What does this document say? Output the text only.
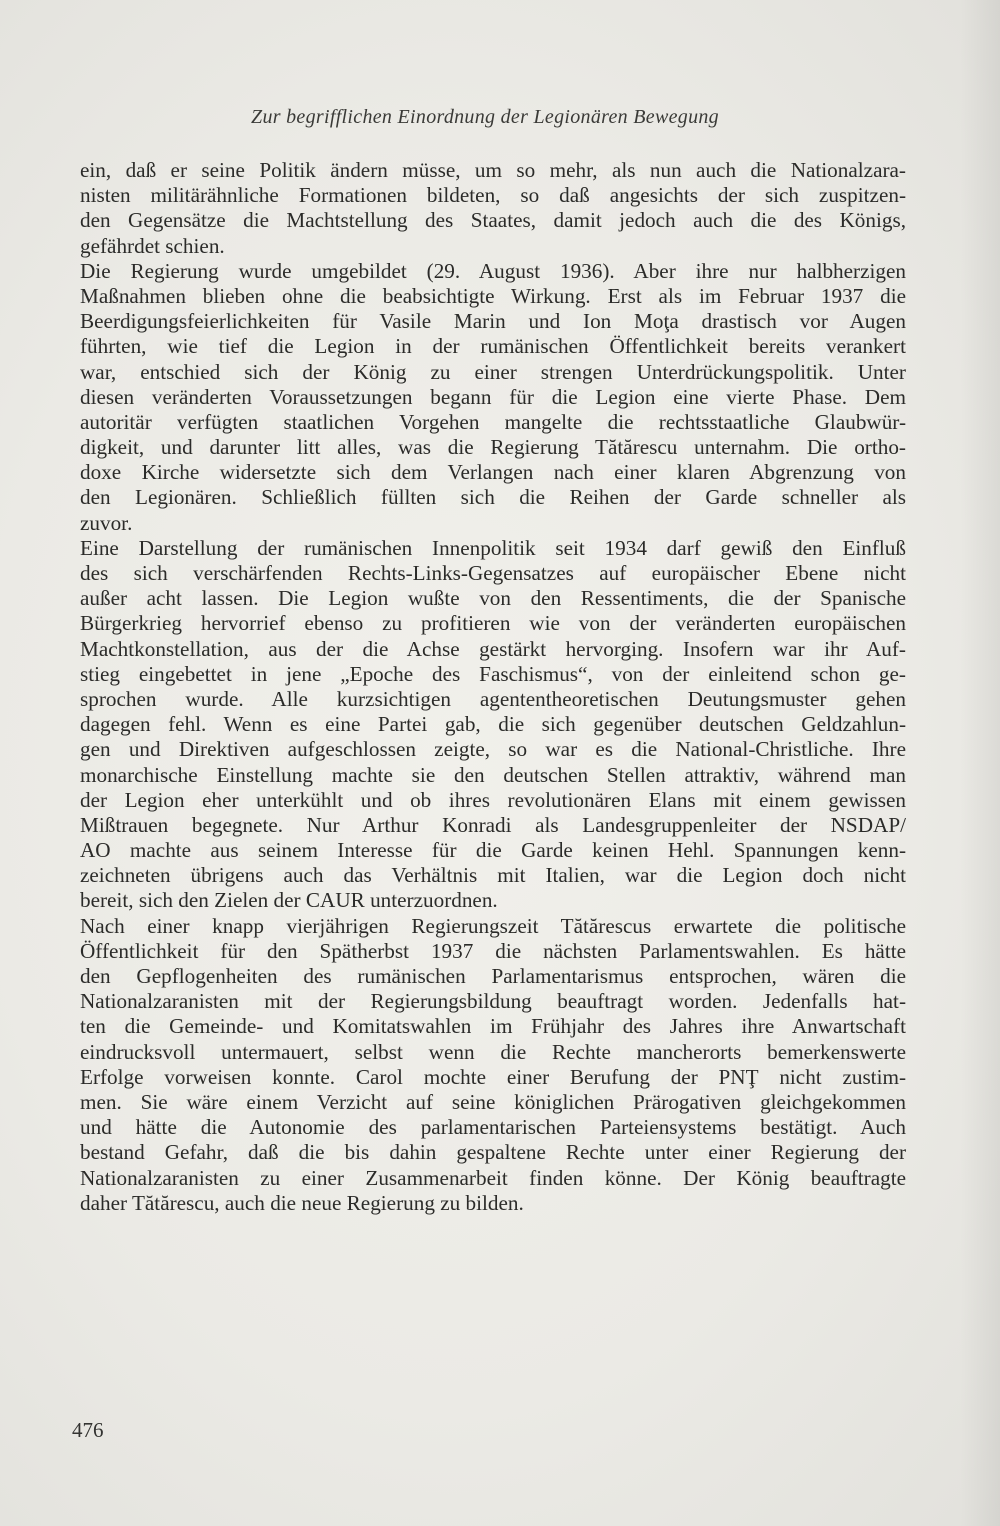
Zur begrifflichen Einordnung der Legionären Bewegung
ein, daß er seine Politik ändern müsse, um so mehr, als nun auch die Nationalzara-
nisten militärähnliche Formationen bildeten, so daß angesichts der sich zuspitzen-
den Gegensätze die Machtstellung des Staates, damit jedoch auch die des Königs,
gefährdet schien.
Die Regierung wurde umgebildet (29. August 1936). Aber ihre nur halbherzigen
Maßnahmen blieben ohne die beabsichtigte Wirkung. Erst als im Februar 1937 die
Beerdigungsfeierlichkeiten für Vasile Marin und Ion Moţa drastisch vor Augen
führten, wie tief die Legion in der rumänischen Öffentlichkeit bereits verankert
war, entschied sich der König zu einer strengen Unterdrückungspolitik. Unter
diesen veränderten Voraussetzungen begann für die Legion eine vierte Phase. Dem
autoritär verfügten staatlichen Vorgehen mangelte die rechtsstaatliche Glaubwür-
digkeit, und darunter litt alles, was die Regierung Tătărescu unternahm. Die ortho-
doxe Kirche widersetzte sich dem Verlangen nach einer klaren Abgrenzung von
den Legionären. Schließlich füllten sich die Reihen der Garde schneller als
zuvor.
Eine Darstellung der rumänischen Innenpolitik seit 1934 darf gewiß den Einfluß
des sich verschärfenden Rechts-Links-Gegensatzes auf europäischer Ebene nicht
außer acht lassen. Die Legion wußte von den Ressentiments, die der Spanische
Bürgerkrieg hervorrief ebenso zu profitieren wie von der veränderten europäischen
Machtkonstellation, aus der die Achse gestärkt hervorging. Insofern war ihr Auf-
stieg eingebettet in jene „Epoche des Faschismus“, von der einleitend schon ge-
sprochen wurde. Alle kurzsichtigen agententheoretischen Deutungsmuster gehen
dagegen fehl. Wenn es eine Partei gab, die sich gegenüber deutschen Geldzahlun-
gen und Direktiven aufgeschlossen zeigte, so war es die National-Christliche. Ihre
monarchische Einstellung machte sie den deutschen Stellen attraktiv, während man
der Legion eher unterkühlt und ob ihres revolutionären Elans mit einem gewissen
Mißtrauen begegnete. Nur Arthur Konradi als Landesgruppenleiter der NSDAP/
AO machte aus seinem Interesse für die Garde keinen Hehl. Spannungen kenn-
zeichneten übrigens auch das Verhältnis mit Italien, war die Legion doch nicht
bereit, sich den Zielen der CAUR unterzuordnen.
Nach einer knapp vierjährigen Regierungszeit Tătărescus erwartete die politische
Öffentlichkeit für den Spätherbst 1937 die nächsten Parlamentswahlen. Es hätte
den Gepflogenheiten des rumänischen Parlamentarismus entsprochen, wären die
Nationalzaranisten mit der Regierungsbildung beauftragt worden. Jedenfalls hat-
ten die Gemeinde- und Komitatswahlen im Frühjahr des Jahres ihre Anwartschaft
eindrucksvoll untermauert, selbst wenn die Rechte mancherorts bemerkenswerte
Erfolge vorweisen konnte. Carol mochte einer Berufung der PNŢ nicht zustim-
men. Sie wäre einem Verzicht auf seine königlichen Prärogativen gleichgekommen
und hätte die Autonomie des parlamentarischen Parteiensystems bestätigt. Auch
bestand Gefahr, daß die bis dahin gespaltene Rechte unter einer Regierung der
Nationalzaranisten zu einer Zusammenarbeit finden könne. Der König beauftragte
daher Tătărescu, auch die neue Regierung zu bilden.
476
